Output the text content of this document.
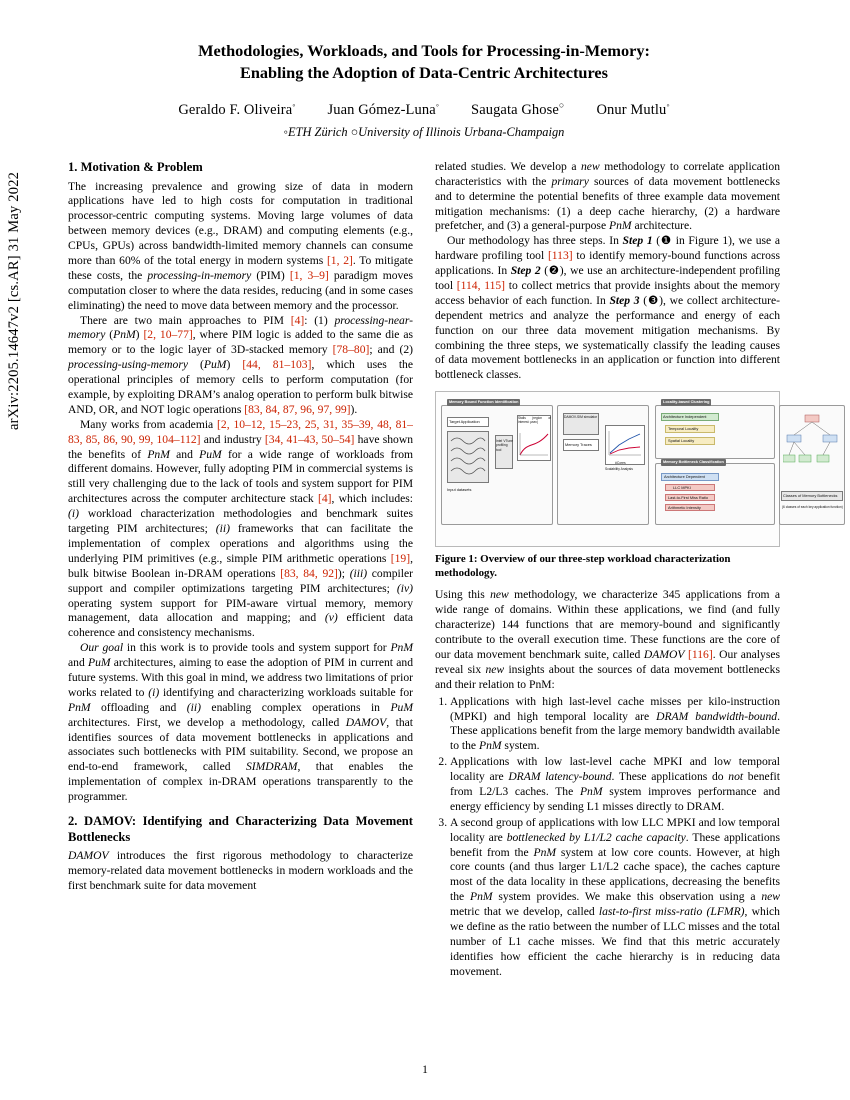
arXiv:2205.14647v2 [cs.AR] 31 May 2022
Methodologies, Workloads, and Tools for Processing-in-Memory:
Enabling the Adoption of Data-Centric Architectures
Geraldo F. Oliveira◦ Juan Gómez-Luna◦ Saugata Ghose○ Onur Mutlu◦
◦ETH Zürich ○University of Illinois Urbana-Champaign
1. Motivation & Problem

The increasing prevalence and growing size of data in modern applications have led to high costs for computation in traditional processor-centric computing systems. Moving large volumes of data between memory devices (e.g., DRAM) and computing elements (e.g., CPUs, GPUs) across bandwidth-limited memory channels can consume more than 60% of the total energy in modern systems [1, 2]. To mitigate these costs, the processing-in-memory (PIM) [1, 3–9] paradigm moves computation closer to where the data resides, reducing (and in some cases eliminating) the need to move data between memory and the processor.

There are two main approaches to PIM [4]: (1) processing-near-memory (PnM) [2, 10–77], where PIM logic is added to the same die as memory or to the logic layer of 3D-stacked memory [78–80]; and (2) processing-using-memory (PuM) [44, 81–103], which uses the operational principles of memory cells to perform computation (for example, by exploiting DRAM’s analog operation to perform bulk bitwise AND, OR, and NOT logic operations [83, 84, 87, 96, 97, 99]).

Many works from academia [2, 10–12, 15–23, 25, 31, 35–39, 48, 81–83, 85, 86, 90, 99, 104–112] and industry [34, 41–43, 50–54] have shown the benefits of PnM and PuM for a wide range of workloads from different domains. However, fully adopting PIM in commercial systems is still very challenging due to the lack of tools and system support for PIM architectures across the computer architecture stack [4], which includes: (i) workload characterization methodologies and benchmark suites targeting PIM architectures; (ii) frameworks that can facilitate the implementation of complex operations and algorithms using the underlying PIM primitives (e.g., simple PIM arithmetic operations [19], bulk bitwise Boolean in-DRAM operations [83, 84, 92]); (iii) compiler support and compiler optimizations targeting PIM architectures; (iv) operating system support for PIM-aware virtual memory, memory management, data allocation and mapping; and (v) efficient data coherence and consistency mechanisms.

Our goal in this work is to provide tools and system support for PnM and PuM architectures, aiming to ease the adoption of PIM in current and future systems. With this goal in mind, we address two limitations of prior works related to (i) identifying and characterizing workloads suitable for PnM offloading and (ii) enabling complex operations in PuM architectures. First, we develop a methodology, called DAMOV, that identifies sources of data movement bottlenecks in applications and associates such bottlenecks with PIM suitability. Second, we propose an end-to-end framework, called SIMDRAM, that enables the implementation of complex in-DRAM operations transparently to the programmer.

2. DAMOV: Identifying and Characterizing Data Movement Bottlenecks

DAMOV introduces the first rigorous methodology to characterize memory-related data movement bottlenecks in modern workloads and the first benchmark suite for data movement

related studies. We develop a new methodology to correlate application characteristics with the primary sources of data movement bottlenecks and to determine the potential benefits of three example data movement mitigation mechanisms: (1) a deep cache hierarchy, (2) a hardware prefetcher, and (3) a general-purpose PnM architecture.

Our methodology has three steps. In Step 1 (❶ in Figure 1), we use a hardware profiling tool [113] to identify memory-bound functions across applications. In Step 2 (❷), we use an architecture-independent profiling tool [114, 115] to collect metrics that provide insights about the memory access behavior of each function. In Step 3 (❸), we collect architecture-dependent metrics and analyze the performance and energy of each function on our three data movement mitigation mechanisms. By combining the three steps, we systematically classify the leading causes of data movement bottlenecks in an application or function into different bottleneck classes.

Memory Bound Function Identification
Target Application
Input datasets
Intel VTune profiling tool
Stalls (region of interest: μsec)
DAMOV-SIM simulator
Memory Traces
#Cores
Scalability Analysis
Locality-based Clustering
Architecture Independent
Temporal Locality
Spatial Locality
Memory Bottleneck Classification
Architecture Dependent
LLC MPKI
Last-to-First Miss Ratio
Arithmetic Intensity
Classes of Memory Bottlenecks
(6 classes of each key application function)
Figure 1: Overview of our three-step workload characterization methodology.

Using this new methodology, we characterize 345 applications from a wide range of domains. Within these applications, we find (and fully characterize) 144 functions that are memory-bound and significantly contribute to the overall execution time. These functions are the core of our data movement benchmark suite, called DAMOV [116]. Our analyses reveal six new insights about the sources of data movement bottlenecks and their relation to PnM:

1. Applications with high last-level cache misses per kilo-instruction (MPKI) and high temporal locality are DRAM bandwidth-bound. These applications benefit from the large memory bandwidth available to the PnM system.
2. Applications with low last-level cache MPKI and low temporal locality are DRAM latency-bound. These applications do not benefit from L2/L3 caches. The PnM system improves performance and energy efficiency by sending L1 misses directly to DRAM.
3. A second group of applications with low LLC MPKI and low temporal locality are bottlenecked by L1/L2 cache capacity. These applications benefit from the PnM system at low core counts. However, at high core counts (and thus larger L1/L2 cache space), the caches capture most of the data locality in these applications, decreasing the benefits the PnM system provides. We make this observation using a new metric that we develop, called last-to-first miss-ratio (LFMR), which we define as the ratio between the number of LLC misses and the total number of L1 cache misses. We find that this metric accurately identifies how efficient the cache hierarchy is in reducing data movement.
1
